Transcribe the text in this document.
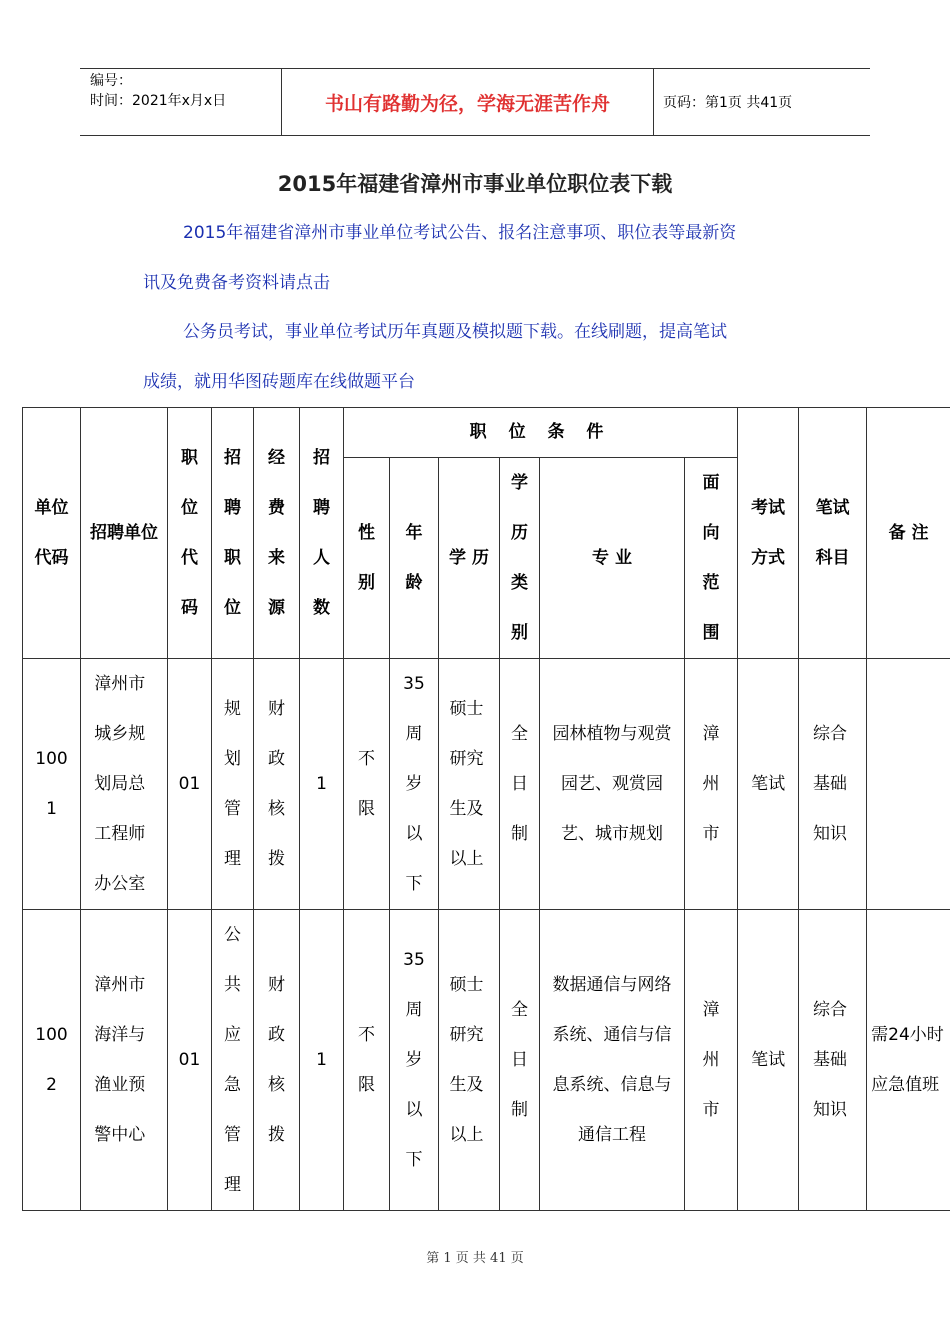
编号：
时间：2021年x月x日	书山有路勤为径，学海无涯苦作舟	页码：第1页 共41页
2015年福建省漳州市事业单位职位表下载

2015年福建省漳州市事业单位考试公告、报名注意事项、职位表等最新资

讯及免费备考资料请点击

公务员考试，事业单位考试历年真题及模拟题下载。在线刷题，提高笔试

成绩，就用华图砖题库在线做题平台

单位代码	招聘单位	职位代码	招聘职位	经费来源	招聘人数	职 位 条 件						考试方式	笔试科目	备 注
						性别	年龄	学 历	学历类别	专 业	面向范围			
1001	漳州市城乡规划局总工程师办公室	01	规划管理	财政核拨	1	不限	35周岁以下	硕士研究生及以上	全日制	园林植物与观赏园艺、观赏园艺、城市规划	漳州市	笔试	综合基础知识	
1002	漳州市海洋与渔业预警中心	01	公共应急管理	财政核拨	1	不限	35周岁以下	硕士研究生及以上	全日制	数据通信与网络系统、通信与信息系统、信息与通信工程	漳州市	笔试	综合基础知识	需24小时应急值班
第 1 页 共 41 页
